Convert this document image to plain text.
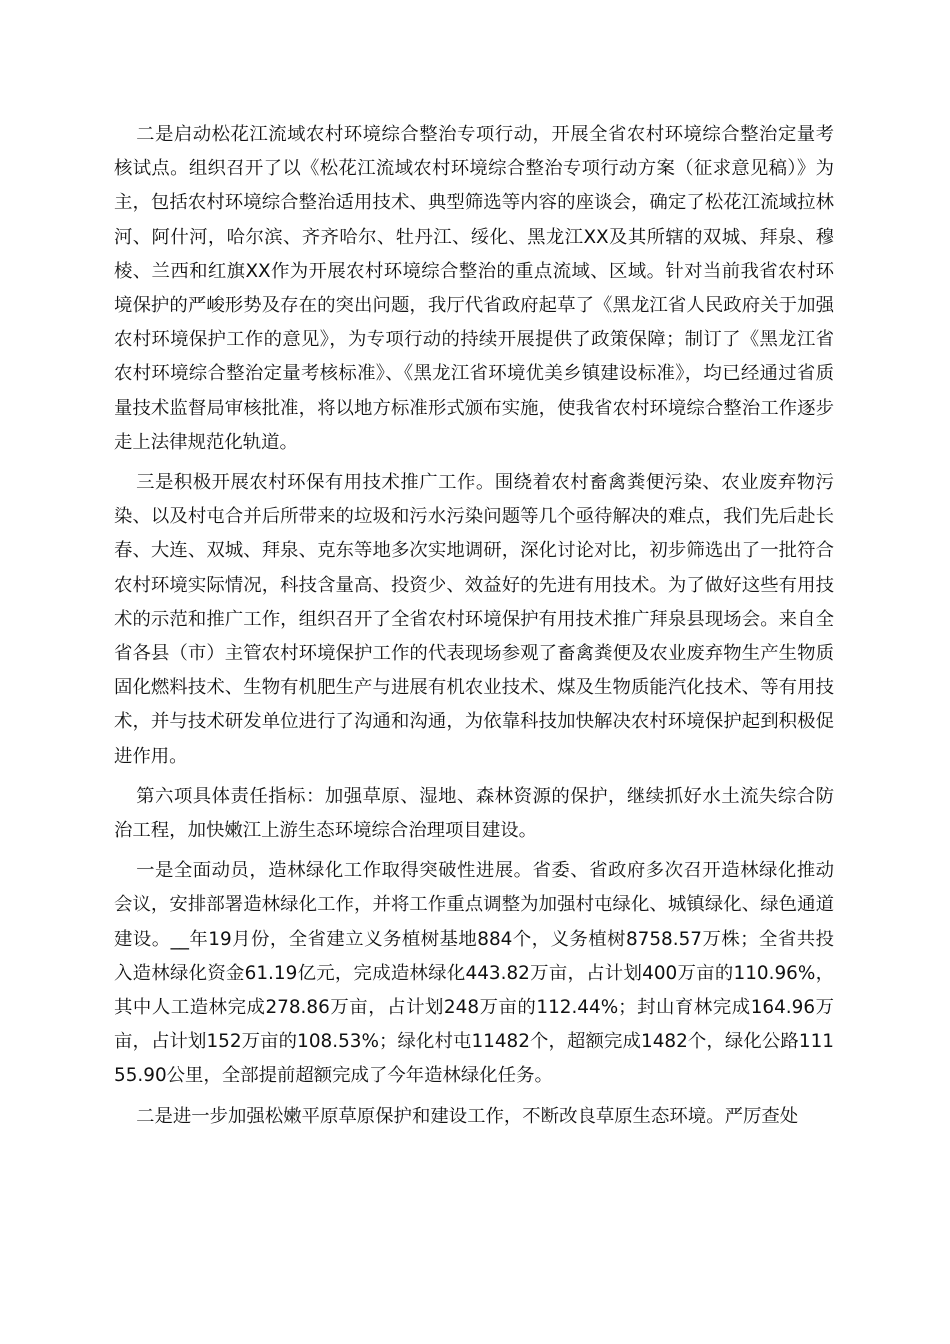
二是启动松花江流域农村环境综合整治专项行动，开展全省农村环境综合整治定量考核试点。组织召开了以《松花江流域农村环境综合整治专项行动方案（征求意见稿）》为主，包括农村环境综合整治适用技术、典型筛选等内容的座谈会，确定了松花江流域拉林河、阿什河，哈尔滨、齐齐哈尔、牡丹江、绥化、黑龙江XX及其所辖的双城、拜泉、穆棱、兰西和红旗XX作为开展农村环境综合整治的重点流域、区域。针对当前我省农村环境保护的严峻形势及存在的突出问题，我厅代省政府起草了《黑龙江省人民政府关于加强农村环境保护工作的意见》，为专项行动的持续开展提供了政策保障；制订了《黑龙江省农村环境综合整治定量考核标准》、《黑龙江省环境优美乡镇建设标准》，均已经通过省质量技术监督局审核批准，将以地方标准形式颁布实施，使我省农村环境综合整治工作逐步走上法律规范化轨道。

三是积极开展农村环保有用技术推广工作。围绕着农村畜禽粪便污染、农业废弃物污染、以及村屯合并后所带来的垃圾和污水污染问题等几个亟待解决的难点，我们先后赴长春、大连、双城、拜泉、克东等地多次实地调研，深化讨论对比，初步筛选出了一批符合农村环境实际情况，科技含量高、投资少、效益好的先进有用技术。为了做好这些有用技术的示范和推广工作，组织召开了全省农村环境保护有用技术推广拜泉县现场会。来自全省各县（市）主管农村环境保护工作的代表现场参观了畜禽粪便及农业废弃物生产生物质固化燃料技术、生物有机肥生产与进展有机农业技术、煤及生物质能汽化技术、等有用技术，并与技术研发单位进行了沟通和沟通，为依靠科技加快解决农村环境保护起到积极促进作用。

第六项具体责任指标：加强草原、湿地、森林资源的保护，继续抓好水土流失综合防治工程，加快嫩江上游生态环境综合治理项目建设。

一是全面动员，造林绿化工作取得突破性进展。省委、省政府多次召开造林绿化推动会议，安排部署造林绿化工作，并将工作重点调整为加强村屯绿化、城镇绿化、绿色通道建设。__年19月份，全省建立义务植树基地884个，义务植树8758.57万株；全省共投入造林绿化资金61.19亿元，完成造林绿化443.82万亩，占计划400万亩的110.96%，其中人工造林完成278.86万亩，占计划248万亩的112.44%；封山育林完成164.96万亩，占计划152万亩的108.53%；绿化村屯11482个，超额完成1482个，绿化公路11155.90公里，全部提前超额完成了今年造林绿化任务。

二是进一步加强松嫩平原草原保护和建设工作，不断改良草原生态环境。严厉查处
